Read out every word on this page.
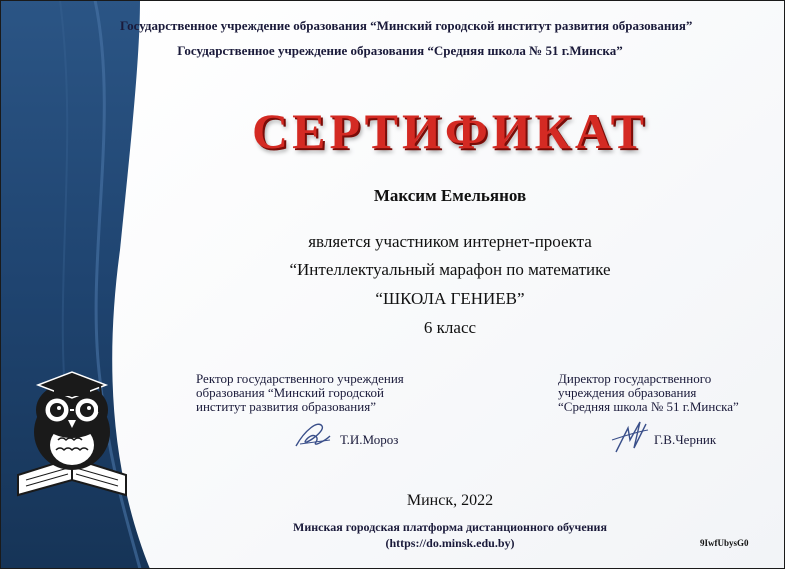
Государственное учреждение образования “Минский городской институт развития образования”
Государственное учреждение образования “Средняя школа № 51 г.Минска”
СЕРТИФИКАТ
Максим Емельянов
является участником интернет-проекта
“Интеллектуальный марафон по математике
“ШКОЛА ГЕНИЕВ”
6 класс
Ректор государственного учреждения
образования “Минский городской
институт развития образования”
Т.И.Мороз
Директор государственного
учреждения образования
“Средняя школа № 51 г.Минска”
Г.В.Черник
Минск, 2022
Минская городская платформа дистанционного обучения
(https://do.minsk.edu.by)	9IwfUbysG0
